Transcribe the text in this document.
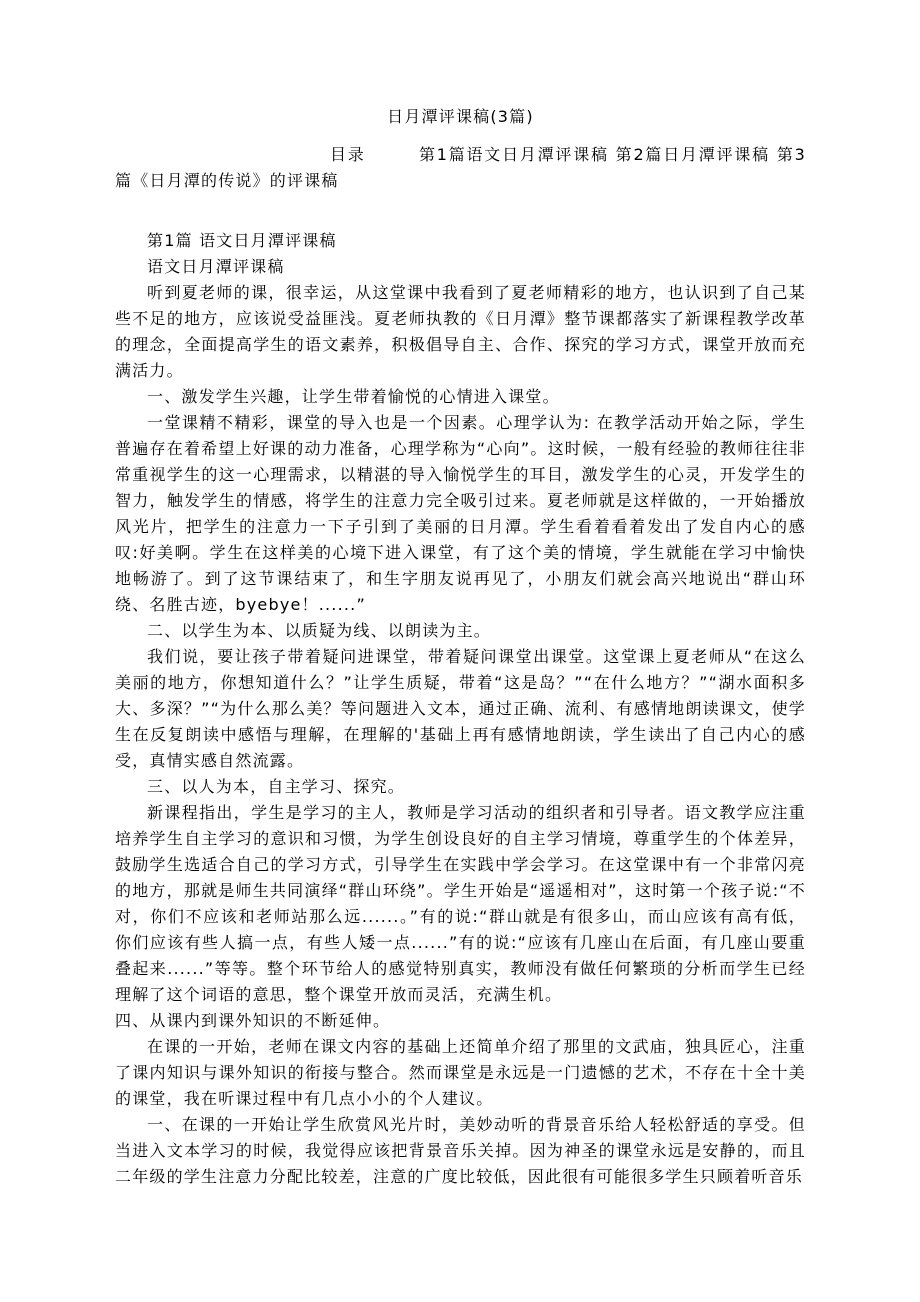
日月潭评课稿(3篇)

目录　　　第1篇语文日月潭评课稿 第2篇日月潭评课稿 第3篇《日月潭的传说》的评课稿

第1篇 语文日月潭评课稿

语文日月潭评课稿

听到夏老师的课，很幸运，从这堂课中我看到了夏老师精彩的地方，也认识到了自己某些不足的地方，应该说受益匪浅。夏老师执教的《日月潭》整节课都落实了新课程教学改革的理念，全面提高学生的语文素养，积极倡导自主、合作、探究的学习方式，课堂开放而充满活力。

一、激发学生兴趣，让学生带着愉悦的心情进入课堂。

一堂课精不精彩，课堂的导入也是一个因素。心理学认为: 在教学活动开始之际，学生普遍存在着希望上好课的动力准备，心理学称为“心向”。这时候，一般有经验的教师往往非常重视学生的这一心理需求，以精湛的导入愉悦学生的耳目，激发学生的心灵，开发学生的智力，触发学生的情感，将学生的注意力完全吸引过来。夏老师就是这样做的，一开始播放风光片，把学生的注意力一下子引到了美丽的日月潭。学生看着看着发出了发自内心的感叹:好美啊。学生在这样美的心境下进入课堂，有了这个美的情境，学生就能在学习中愉快地畅游了。到了这节课结束了，和生字朋友说再见了，小朋友们就会高兴地说出“群山环绕、名胜古迹，byebye！......”

二、以学生为本、以质疑为线、以朗读为主。

我们说，要让孩子带着疑问进课堂，带着疑问课堂出课堂。这堂课上夏老师从“在这么美丽的地方，你想知道什么？”让学生质疑，带着“这是岛？”“在什么地方？”“湖水面积多大、多深？”“为什么那么美？等问题进入文本，通过正确、流利、有感情地朗读课文，使学生在反复朗读中感悟与理解，在理解的'基础上再有感情地朗读，学生读出了自己内心的感受，真情实感自然流露。

三、以人为本，自主学习、探究。

新课程指出，学生是学习的主人，教师是学习活动的组织者和引导者。语文教学应注重培养学生自主学习的意识和习惯，为学生创设良好的自主学习情境，尊重学生的个体差异，鼓励学生选适合自己的学习方式，引导学生在实践中学会学习。在这堂课中有一个非常闪亮的地方，那就是师生共同演绎“群山环绕”。学生开始是“遥遥相对”，这时第一个孩子说:“不对，你们不应该和老师站那么远......。”有的说:“群山就是有很多山，而山应该有高有低，你们应该有些人搞一点，有些人矮一点......”有的说:“应该有几座山在后面，有几座山要重叠起来......”等等。整个环节给人的感觉特别真实，教师没有做任何繁琐的分析而学生已经理解了这个词语的意思，整个课堂开放而灵活，充满生机。

四、从课内到课外知识的不断延伸。

在课的一开始，老师在课文内容的基础上还简单介绍了那里的文武庙，独具匠心，注重了课内知识与课外知识的衔接与整合。然而课堂是永远是一门遗憾的艺术，不存在十全十美的课堂，我在听课过程中有几点小小的个人建议。

一、在课的一开始让学生欣赏风光片时，美妙动听的背景音乐给人轻松舒适的享受。但当进入文本学习的时候，我觉得应该把背景音乐关掉。因为神圣的课堂永远是安静的，而且二年级的学生注意力分配比较差，注意的广度比较低，因此很有可能很多学生只顾着听音乐
